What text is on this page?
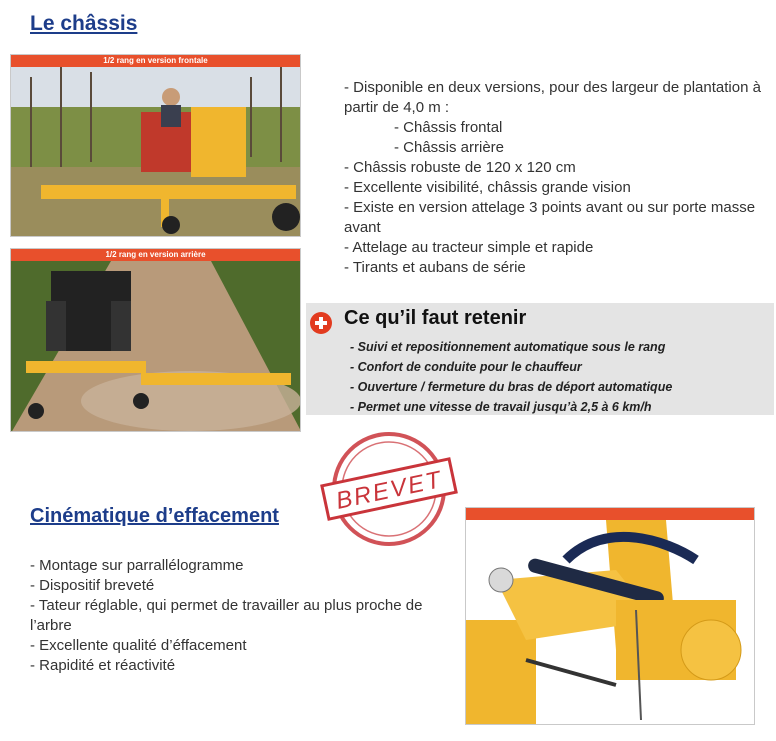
Le châssis
1/2 rang en version frontale
1/2 rang en version arrière
- Disponible en deux versions, pour des largeur de plantation à partir de 4,0 m :
- Châssis frontal
- Châssis arrière
- Châssis robuste de 120 x 120 cm
- Excellente visibilité, châssis grande vision
- Existe en version attelage 3 points avant ou sur porte masse avant
- Attelage au tracteur simple et rapide
- Tirants et aubans de série
Ce qu’il faut retenir
- Suivi et repositionnement automatique sous le rang
- Confort de conduite pour le chauffeur
- Ouverture / fermeture du bras de déport automatique
- Permet une vitesse de travail jusqu’à 2,5 à 6 km/h
BREVET
Cinématique d’effacement
- Montage sur parrallélogramme
- Dispositif breveté
- Tateur réglable, qui permet de travailler au plus proche de l’arbre
- Excellente qualité d’éffacement
- Rapidité et réactivité
